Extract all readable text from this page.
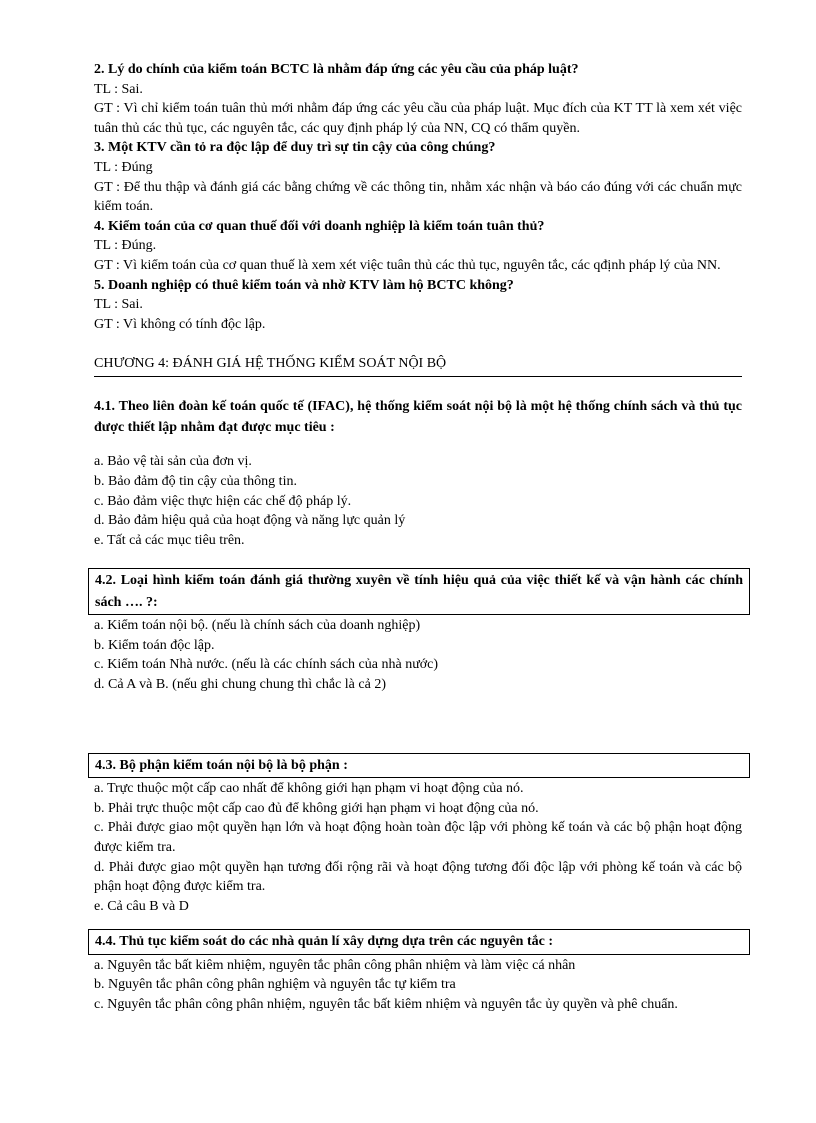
2. Lý do chính của kiểm toán BCTC là nhằm đáp ứng các yêu cầu của pháp luật?

TL : Sai.

GT : Vì chỉ kiểm toán tuân thủ mới nhằm đáp ứng các yêu cầu của pháp luật. Mục đích của KT TT là xem xét việc tuân thủ các thủ tục, các nguyên tắc, các quy định pháp lý của NN, CQ có thẩm quyền.

3. Một KTV cần tỏ ra độc lập để duy trì sự tin cậy của công chúng?

TL : Đúng

GT : Để thu thập và đánh giá các bằng chứng về các thông tin, nhằm xác nhận và báo cáo đúng với các chuẩn mực kiểm toán.

4. Kiểm toán của cơ quan thuế đối với doanh nghiệp là kiểm toán tuân thủ?

TL : Đúng.

GT : Vì kiểm toán của cơ quan thuế là xem xét việc tuân thủ các thủ tục, nguyên tắc, các qđịnh pháp lý của NN.

5. Doanh nghiệp có thuê kiểm toán và nhờ KTV làm hộ BCTC không?

TL : Sai.

GT : Vì không có tính độc lập.

CHƯƠNG 4: ĐÁNH GIÁ HỆ THỐNG KIỂM SOÁT NỘI BỘ

4.1. Theo liên đoàn kế toán quốc tế (IFAC), hệ thống kiểm soát nội bộ là một hệ thống chính sách và thủ tục được thiết lập nhằm đạt được mục tiêu :

a. Bảo vệ tài sản của đơn vị.

b. Bảo đảm độ tin cậy của thông tin.

c. Bảo đảm việc thực hiện các chế độ pháp lý.

d. Bảo đảm hiệu quả của hoạt động và năng lực quản lý

e. Tất cả các mục tiêu trên.

4.2. Loại hình kiểm toán đánh giá thường xuyên về tính hiệu quả của việc thiết kế và vận hành các chính sách …. ?:

a. Kiểm toán nội bộ. (nếu là chính sách của doanh nghiệp)

b. Kiểm toán độc lập.

c. Kiểm toán Nhà nước. (nếu là các chính sách của nhà nước)

d. Cả A và B. (nếu ghi chung chung thì chắc là cả 2)

4.3. Bộ phận kiểm toán nội bộ là bộ phận :

a. Trực thuộc một cấp cao nhất để không giới hạn phạm vi hoạt động của nó.

b. Phải trực thuộc một cấp cao đủ để không giới hạn phạm vi hoạt động của nó.

c. Phải được giao một quyền hạn lớn và hoạt động hoàn toàn độc lập với phòng kế toán và các bộ phận hoạt động được kiểm tra.

d. Phải được giao một quyền hạn tương đối rộng rãi và hoạt động tương đối độc lập với phòng kế toán và các bộ phận hoạt động được kiểm tra.

e. Cả câu B và D

4.4. Thủ tục kiểm soát do các nhà quản lí xây dựng dựa trên các nguyên tắc :

a. Nguyên tắc bất kiêm nhiệm, nguyên tắc phân công phân nhiệm và làm việc cá nhân

b. Nguyên tắc phân công phân nghiệm và nguyên tắc tự kiểm tra

c. Nguyên tắc phân công phân nhiệm, nguyên tắc bất kiêm nhiệm và nguyên tắc ủy quyền và phê chuẩn.
